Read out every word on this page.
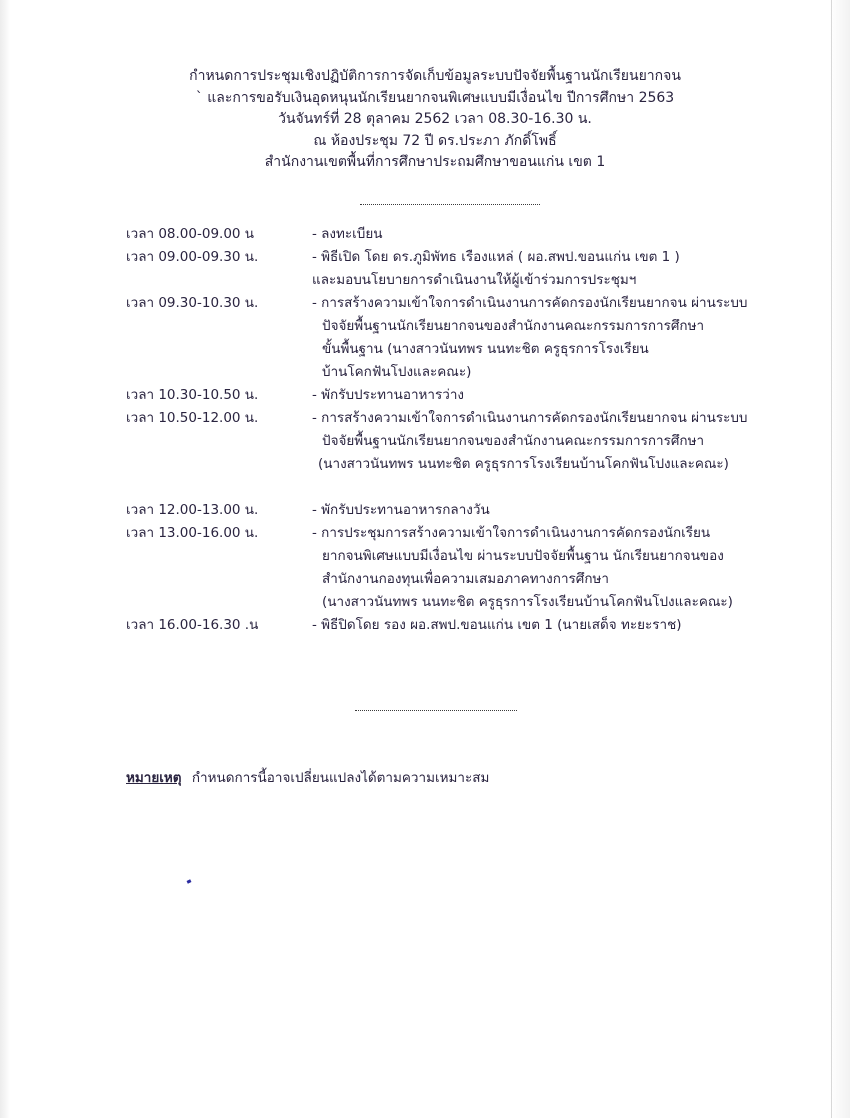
กำหนดการประชุมเชิงปฏิบัติการการจัดเก็บข้อมูลระบบปัจจัยพื้นฐานนักเรียนยากจน
` และการขอรับเงินอุดหนุนนักเรียนยากจนพิเศษแบบมีเงื่อนไข ปีการศึกษา 2563
วันจันทร์ที่ 28 ตุลาคม 2562 เวลา 08.30-16.30 น.
ณ ห้องประชุม 72 ปี ดร.ประภา ภักดิ์โพธิ์
สำนักงานเขตพื้นที่การศึกษาประถมศึกษาขอนแก่น เขต 1
เวลา 08.00-09.00 น	- ลงทะเบียน
เวลา 09.00-09.30 น.	- พิธีเปิด โดย ดร.ภูมิพัทธ เรืองแหล่ ( ผอ.สพป.ขอนแก่น เขต 1 )
และมอบนโยบายการดำเนินงานให้ผู้เข้าร่วมการประชุมฯ
เวลา 09.30-10.30 น.	- การสร้างความเข้าใจการดำเนินงานการคัดกรองนักเรียนยากจน ผ่านระบบ
ปัจจัยพื้นฐานนักเรียนยากจนของสำนักงานคณะกรรมการการศึกษา
ขั้นพื้นฐาน (นางสาวนันทพร นนทะชิต ครูธุรการโรงเรียน
บ้านโคกฟันโปงและคณะ)
เวลา 10.30-10.50 น.	- พักรับประทานอาหารว่าง
เวลา 10.50-12.00 น.	- การสร้างความเข้าใจการดำเนินงานการคัดกรองนักเรียนยากจน ผ่านระบบ
ปัจจัยพื้นฐานนักเรียนยากจนของสำนักงานคณะกรรมการการศึกษา
(นางสาวนันทพร นนทะชิต ครูธุรการโรงเรียนบ้านโคกฟันโปงและคณะ)
เวลา 12.00-13.00 น.	- พักรับประทานอาหารกลางวัน
เวลา 13.00-16.00 น.	- การประชุมการสร้างความเข้าใจการดำเนินงานการคัดกรองนักเรียน
ยากจนพิเศษแบบมีเงื่อนไข ผ่านระบบปัจจัยพื้นฐาน นักเรียนยากจนของ
สำนักงานกองทุนเพื่อความเสมอภาคทางการศึกษา
(นางสาวนันทพร นนทะชิต ครูธุรการโรงเรียนบ้านโคกฟันโปงและคณะ)
เวลา 16.00-16.30 .น	- พิธีปิดโดย รอง ผอ.สพป.ขอนแก่น เขต 1 (นายเสด็จ ทะยะราช)
หมายเหตุ กำหนดการนี้อาจเปลี่ยนแปลงได้ตามความเหมาะสม
